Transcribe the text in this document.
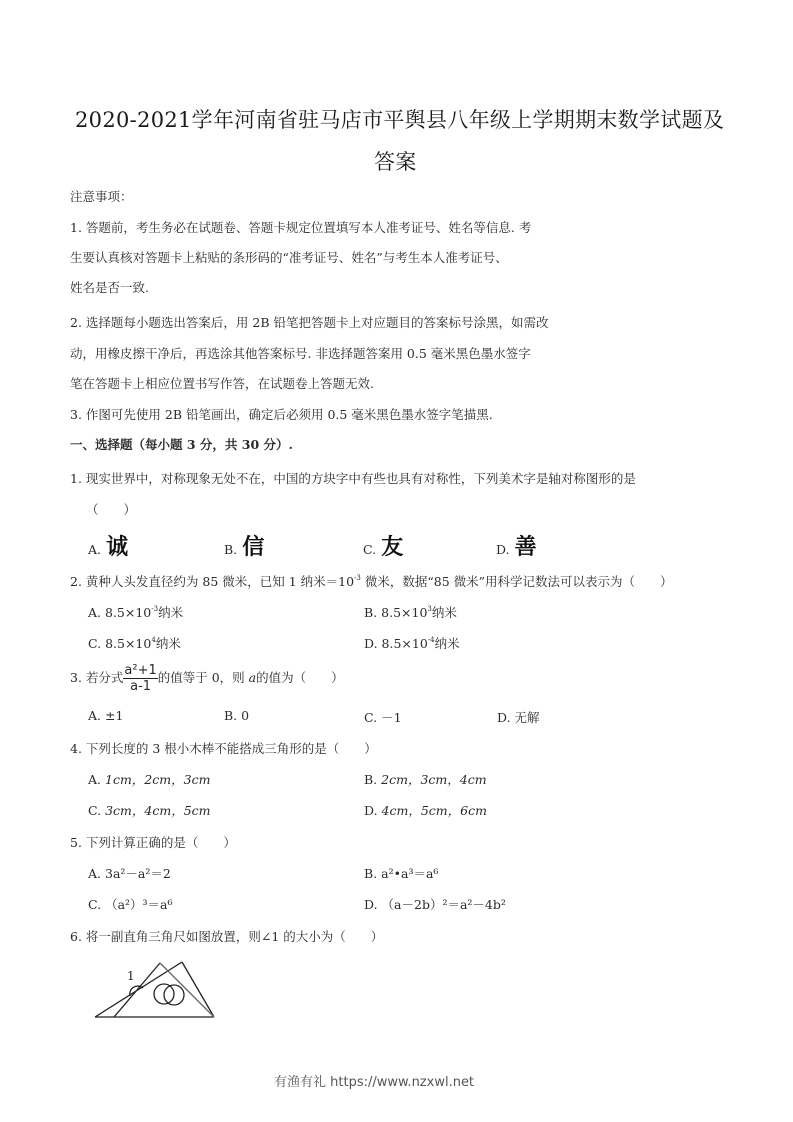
2020-2021学年河南省驻马店市平舆县八年级上学期期末数学试题及
答案
注意事项：
1. 答题前，考生务必在试题卷、答题卡规定位置填写本人准考证号、姓名等信息. 考
生要认真核对答题卡上粘贴的条形码的“准考证号、姓名”与考生本人准考证号、
姓名是否一致.
2. 选择题每小题选出答案后，用 2B 铅笔把答题卡上对应题目的答案标号涂黑，如需改
动，用橡皮擦干净后，再选涂其他答案标号. 非选择题答案用 0.5 毫米黑色墨水签字
笔在答题卡上相应位置书写作答，在试题卷上答题无效.
3. 作图可先使用 2B 铅笔画出，确定后必须用 0.5 毫米黑色墨水签字笔描黑.
一、选择题（每小题 3 分，共 30 分）.
1. 现实世界中，对称现象无处不在，中国的方块字中有些也具有对称性，下列美术字是轴对称图形的是
（　　）
A. 诚	B. 信	C. 友	D. 善
2. 黄种人头发直径约为 85 微米，已知 1 纳米$=10^{-3}$ 微米，数据“85 微米”用科学记数法可以表示为（　　）
A. $8.5\times 10^{-3}$纳米	B. $8.5\times 10^3$纳米
C. $8.5\times 10^4$纳米	D. $8.5\times 10^{-4}$纳米
3. 若分式 $\frac{\text{a²+1}}{a-1}$ 的值等于 0，则 a的值为（　　）
A. ±1	B. 0	C. －1	D. 无解
4. 下列长度的 3 根小木棒不能搭成三角形的是（　　）
A. 1cm，2cm，3cm	B. 2cm，3cm，4cm
C. 3cm，4cm，5cm	D. 4cm，5cm，6cm
5. 下列计算正确的是（　　）
A. 3a²－a²＝2	B. a²•a³＝a⁶
C. （a²）³＝a⁶	D. （a－2b）²＝a²－4b²
6. 将一副直角三角尺如图放置，则∠1 的大小为（　　）
1
有渔有礼 https://www.nzxwl.net
